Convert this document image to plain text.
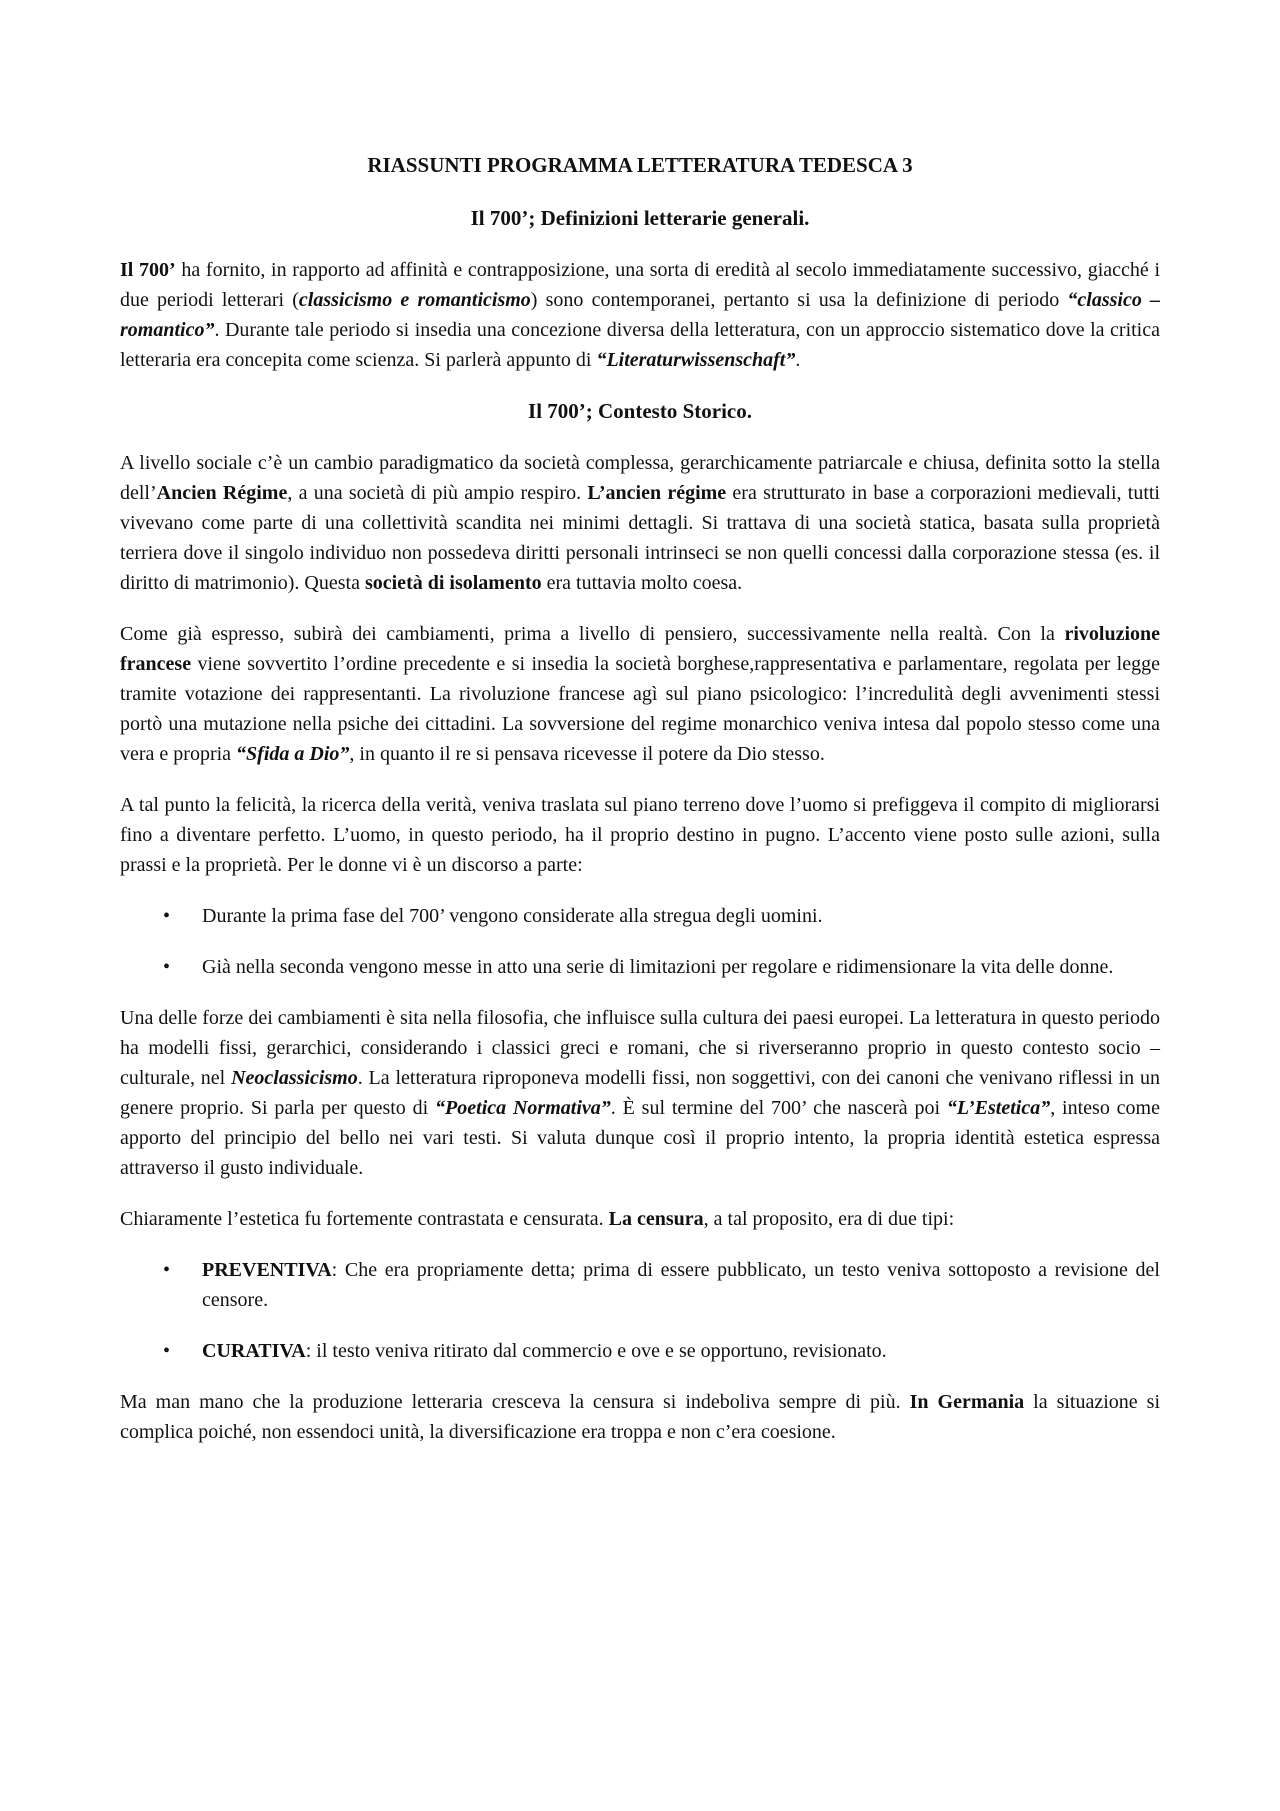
RIASSUNTI PROGRAMMA LETTERATURA TEDESCA 3
Il 700’; Definizioni letterarie generali.

Il 700’ ha fornito, in rapporto ad affinità e contrapposizione, una sorta di eredità al secolo immediatamente successivo, giacché i due periodi letterari (classicismo e romanticismo) sono contemporanei, pertanto si usa la definizione di periodo “classico – romantico”. Durante tale periodo si insedia una concezione diversa della letteratura, con un approccio sistematico dove la critica letteraria era concepita come scienza. Si parlerà appunto di “Literaturwissenschaft”.

Il 700’; Contesto Storico.

A livello sociale c’è un cambio paradigmatico da società complessa, gerarchicamente patriarcale e chiusa, definita sotto la stella dell’Ancien Régime, a una società di più ampio respiro. L’ancien régime era strutturato in base a corporazioni medievali, tutti vivevano come parte di una collettività scandita nei minimi dettagli. Si trattava di una società statica, basata sulla proprietà terriera dove il singolo individuo non possedeva diritti personali intrinseci se non quelli concessi dalla corporazione stessa (es. il diritto di matrimonio). Questa società di isolamento era tuttavia molto coesa.

Come già espresso, subirà dei cambiamenti, prima a livello di pensiero, successivamente nella realtà. Con la rivoluzione francese viene sovvertito l’ordine precedente e si insedia la società borghese,rappresentativa e parlamentare, regolata per legge tramite votazione dei rappresentanti. La rivoluzione francese agì sul piano psicologico: l’incredulità degli avvenimenti stessi portò una mutazione nella psiche dei cittadini. La sovversione del regime monarchico veniva intesa dal popolo stesso come una vera e propria “Sfida a Dio”, in quanto il re si pensava ricevesse il potere da Dio stesso.

A tal punto la felicità, la ricerca della verità, veniva traslata sul piano terreno dove l’uomo si prefiggeva il compito di migliorarsi fino a diventare perfetto. L’uomo, in questo periodo, ha il proprio destino in pugno. L’accento viene posto sulle azioni, sulla prassi e la proprietà. Per le donne vi è un discorso a parte:

• Durante la prima fase del 700’ vengono considerate alla stregua degli uomini.
• Già nella seconda vengono messe in atto una serie di limitazioni per regolare e ridimensionare la vita delle donne.

Una delle forze dei cambiamenti è sita nella filosofia, che influisce sulla cultura dei paesi europei. La letteratura in questo periodo ha modelli fissi, gerarchici, considerando i classici greci e romani, che si riverseranno proprio in questo contesto socio – culturale, nel Neoclassicismo. La letteratura riproponeva modelli fissi, non soggettivi, con dei canoni che venivano riflessi in un genere proprio. Si parla per questo di “Poetica Normativa”. È sul termine del 700’ che nascerà poi “L’Estetica”, inteso come apporto del principio del bello nei vari testi. Si valuta dunque così il proprio intento, la propria identità estetica espressa attraverso il gusto individuale.

Chiaramente l’estetica fu fortemente contrastata e censurata. La censura, a tal proposito, era di due tipi:

• PREVENTIVA: Che era propriamente detta; prima di essere pubblicato, un testo veniva sottoposto a revisione del censore.
• CURATIVA: il testo veniva ritirato dal commercio e ove e se opportuno, revisionato.

Ma man mano che la produzione letteraria cresceva la censura si indeboliva sempre di più. In Germania la situazione si complica poiché, non essendoci unità, la diversificazione era troppa e non c’era coesione.
